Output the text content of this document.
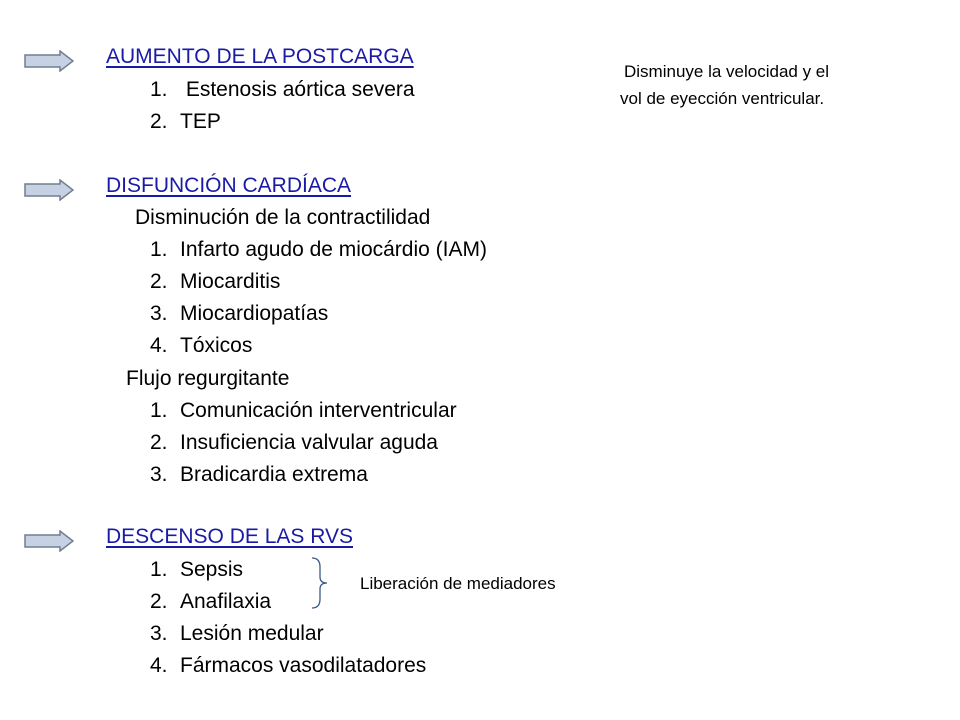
AUMENTO DE LA POSTCARGA
1. Estenosis aórtica severa
2. TEP
Disminuye la velocidad y el
vol de eyección ventricular.
DISFUNCIÓN CARDÍACA
Disminución de la contractilidad
1. Infarto agudo de miocárdio (IAM)
2. Miocarditis
3. Miocardiopatías
4. Tóxicos
Flujo regurgitante
1. Comunicación interventricular
2. Insuficiencia valvular aguda
3. Bradicardia extrema
DESCENSO DE LAS RVS
1. Sepsis
2. Anafilaxia
3. Lesión medular
4. Fármacos vasodilatadores
Liberación de mediadores
